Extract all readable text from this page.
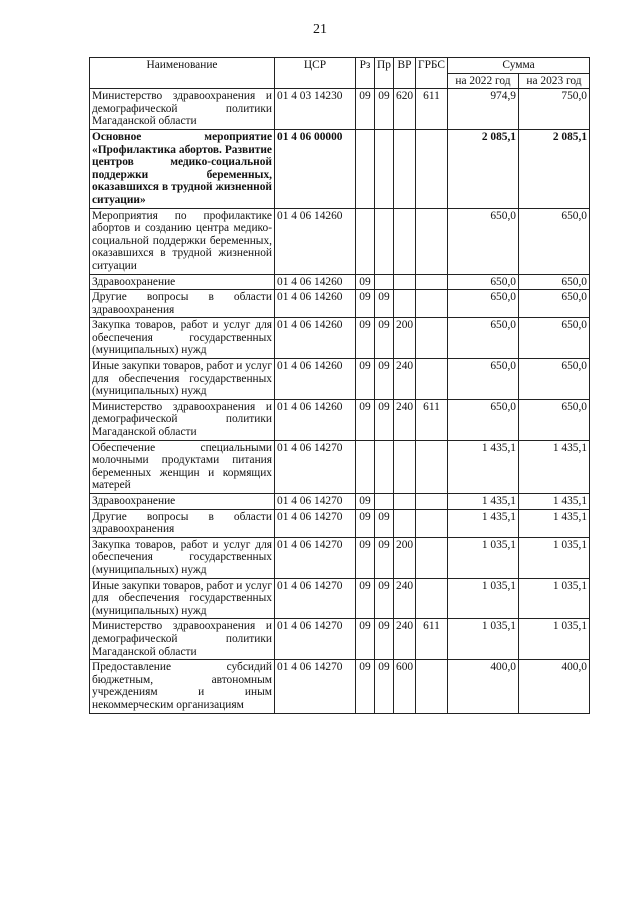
21
Наименование	ЦСР	Рз	Пр	ВР	ГРБС	Сумма	
						на 2022 год	на 2023 год
Министерство здравоохранения и демографической политики Магаданской области	01 4 03 14230	09	09	620	611	974,9	750,0
Основное мероприятие «Профилактика абортов. Развитие центров медико-социальной поддержки беременных, оказавшихся в трудной жизненной ситуации»	01 4 06 00000					2 085,1	2 085,1
Мероприятия по профилактике абортов и созданию центра медико-социальной поддержки беременных, оказавшихся в трудной жизненной ситуации	01 4 06 14260					650,0	650,0
Здравоохранение	01 4 06 14260	09				650,0	650,0
Другие вопросы в области здравоохранения	01 4 06 14260	09	09			650,0	650,0
Закупка товаров, работ и услуг для обеспечения государственных (муниципальных) нужд	01 4 06 14260	09	09	200		650,0	650,0
Иные закупки товаров, работ и услуг для обеспечения государственных (муниципальных) нужд	01 4 06 14260	09	09	240		650,0	650,0
Министерство здравоохранения и демографической политики Магаданской области	01 4 06 14260	09	09	240	611	650,0	650,0
Обеспечение специальными молочными продуктами питания беременных женщин и кормящих матерей	01 4 06 14270					1 435,1	1 435,1
Здравоохранение	01 4 06 14270	09				1 435,1	1 435,1
Другие вопросы в области здравоохранения	01 4 06 14270	09	09			1 435,1	1 435,1
Закупка товаров, работ и услуг для обеспечения государственных (муниципальных) нужд	01 4 06 14270	09	09	200		1 035,1	1 035,1
Иные закупки товаров, работ и услуг для обеспечения государственных (муниципальных) нужд	01 4 06 14270	09	09	240		1 035,1	1 035,1
Министерство здравоохранения и демографической политики Магаданской области	01 4 06 14270	09	09	240	611	1 035,1	1 035,1
Предоставление субсидий бюджетным, автономным учреждениям и иным некоммерческим организациям	01 4 06 14270	09	09	600		400,0	400,0
